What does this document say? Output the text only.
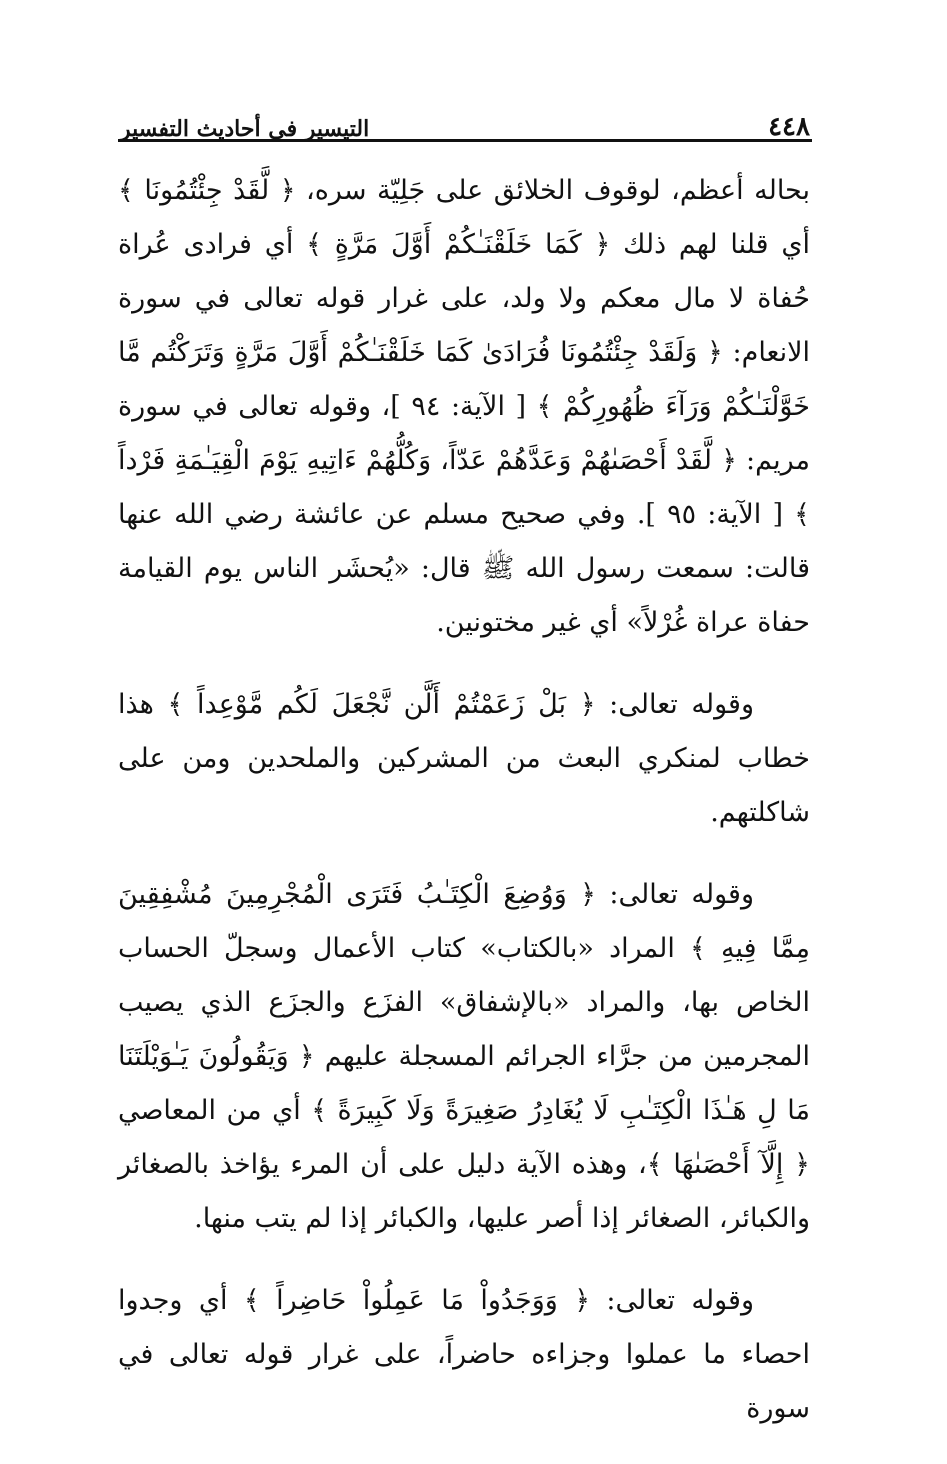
٤٤٨
التيسير في أحاديث التفسير

بحاله أعظم، لوقوف الخلائق على جَلِيّة سره، ﴿ لَّقَدْ جِئْتُمُونَا ﴾ أي قلنا لهم ذلك ﴿ كَمَا خَلَقْنَـٰكُمْ أَوَّلَ مَرَّةٍ ﴾ أي فرادى عُراة حُفاة لا مال معكم ولا ولد، على غرار قوله تعالى في سورة الانعام: ﴿ وَلَقَدْ جِئْتُمُونَا فُرَادَىٰ كَمَا خَلَقْنَـٰكُمْ أَوَّلَ مَرَّةٍ وَتَرَكْتُم مَّا خَوَّلْنَـٰكُمْ وَرَآءَ ظُهُورِكُمْ ﴾ [ الآية: ٩٤ ]، وقوله تعالى في سورة مريم: ﴿ لَّقَدْ أَحْصَىٰهُمْ وَعَدَّهُمْ عَدّاً، وَكُلُّهُمْ ءَاتِيهِ يَوْمَ الْقِيَـٰمَةِ فَرْداً ﴾ [ الآية: ٩٥ ]. وفي صحيح مسلم عن عائشة رضي الله عنها قالت: سمعت رسول الله ﷺ قال: «يُحشَر الناس يوم القيامة حفاة عراة غُرْلاً» أي غير مختونين.

وقوله تعالى: ﴿ بَلْ زَعَمْتُمْ أَلَّن نَّجْعَلَ لَكُم مَّوْعِداً ﴾ هذا خطاب لمنكري البعث من المشركين والملحدين ومن على شاكلتهم.

وقوله تعالى: ﴿ وَوُضِعَ الْكِتَـٰبُ فَتَرَى الْمُجْرِمِينَ مُشْفِقِينَ مِمَّا فِيهِ ﴾ المراد «بالكتاب» كتاب الأعمال وسجلّ الحساب الخاص بها، والمراد «بالإشفاق» الفزَع والجزَع الذي يصيب المجرمين من جرَّاء الجرائم المسجلة عليهم ﴿ وَيَقُولُونَ يَـٰوَيْلَتَنَا مَا لِ هَـٰذَا الْكِتَـٰبِ لَا يُغَادِرُ صَغِيرَةً وَلَا كَبِيرَةً ﴾ أي من المعاصي ﴿ إِلَّآ أَحْصَىٰهَا ﴾، وهذه الآية دليل على أن المرء يؤاخذ بالصغائر والكبائر، الصغائر إذا أصر عليها، والكبائر إذا لم يتب منها.

وقوله تعالى: ﴿ وَوَجَدُواْ مَا عَمِلُواْ حَاضِراً ﴾ أي وجدوا احصاء ما عملوا وجزاءه حاضراً، على غرار قوله تعالى في سورة
